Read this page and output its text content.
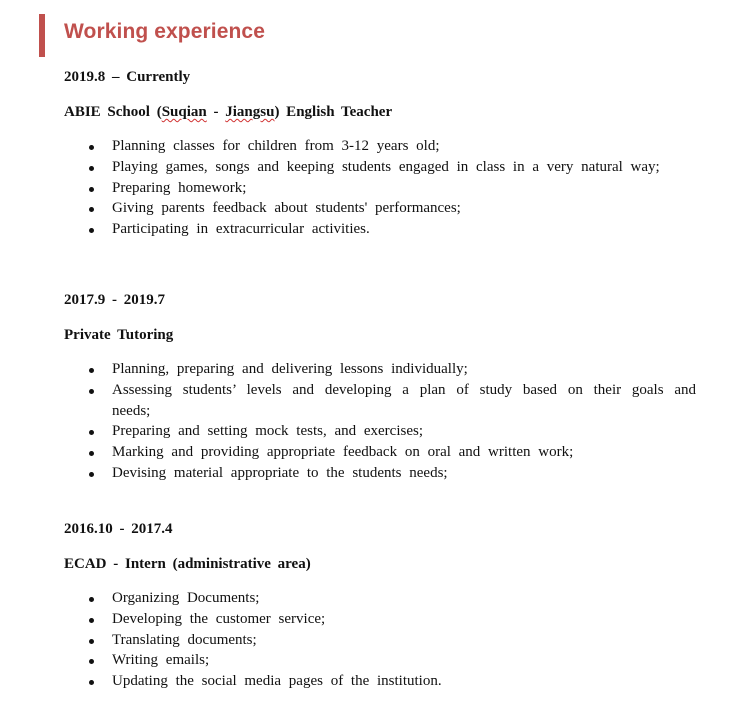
Working experience
2019.8 – Currently
ABIE School (Suqian - Jiangsu) English Teacher
Planning classes for children from 3-12 years old;
Playing games, songs and keeping students engaged in class in a very natural way;
Preparing homework;
Giving parents feedback about students' performances;
Participating in extracurricular activities.
2017.9 - 2019.7
Private Tutoring
Planning, preparing and delivering lessons individually;
Assessing students’ levels and developing a plan of study based on their goals and needs;
Preparing and setting mock tests, and exercises;
Marking and providing appropriate feedback on oral and written work;
Devising material appropriate to the students needs;
2016.10 - 2017.4
ECAD - Intern (administrative area)
Organizing Documents;
Developing the customer service;
Translating documents;
Writing emails;
Updating the social media pages of the institution.
